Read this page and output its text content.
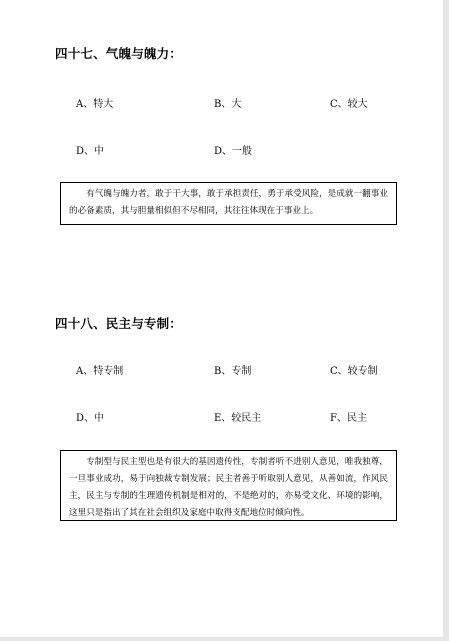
四十七、气魄与魄力：
A、特大	B、大	C、较大
D、中	D、一般

有气魄与魄力者，敢于干大事，敢于承担责任，勇于承受风险，是成就一翻事业的必备素质，其与胆量相似但不尽相同，其往往体现在于事业上。

四十八、民主与专制：
A、特专制	B、专制	C、较专制
D、中	E、较民主	F、民主

专制型与民主型也是有很大的基因遗传性，专制者听不进别人意见，唯我独尊，一旦事业成功，易于向独裁专制发展；民主者善于听取别人意见，从善如流，作风民主，民主与专制的生理遗传机制是相对的，不是绝对的，亦易受文化、环境的影响，这里只是指出了其在社会组织及家庭中取得支配地位时倾向性。
